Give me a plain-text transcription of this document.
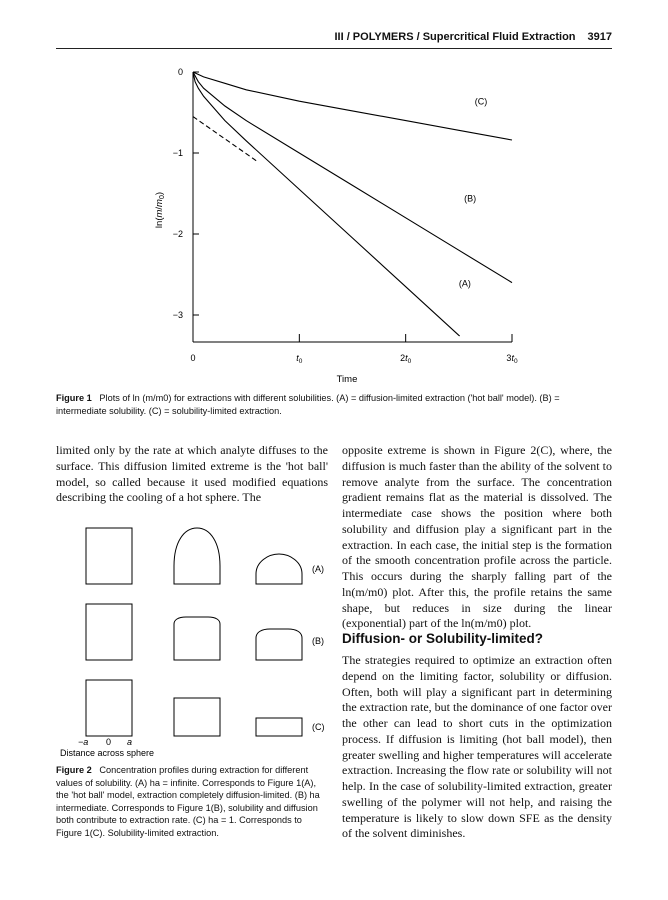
III / POLYMERS / Supercritical Fluid Extraction 3917
0
−1
−2
−3
0	$t_0$	$2t_0$	$3t_0$
(A)
(B)
(C)
Time
$\ln(m/m_0)$
Figure 1 Plots of ln (m/m0) for extractions with different solubilities. (A) = diffusion-limited extraction ('hot ball' model). (B) = intermediate solubility. (C) = solubility-limited extraction.

limited only by the rate at which analyte diffuses to the surface. This diffusion limited extreme is the 'hot ball' model, so called because it used modified equations describing the cooling of a hot sphere. The

(A)
(B)
(C)
−a 0 a
Distance across sphere
Figure 2 Concentration profiles during extraction for different values of solubility. (A) ha = infinite. Corresponds to Figure 1(A), the 'hot ball' model, extraction completely diffusion-limited. (B) ha intermediate. Corresponds to Figure 1(B), solubility and diffusion both contribute to extraction rate. (C) ha = 1. Corresponds to Figure 1(C). Solubility-limited extraction.

opposite extreme is shown in Figure 2(C), where, the diffusion is much faster than the ability of the solvent to remove analyte from the surface. The concentration gradient remains flat as the material is dissolved. The intermediate case shows the position where both solubility and diffusion play a significant part in the extraction. In each case, the initial step is the formation of the smooth concentration profile across the particle. This occurs during the sharply falling part of the ln(m/m0) plot. After this, the profile retains the same shape, but reduces in size during the linear (exponential) part of the ln(m/m0) plot.

Diffusion- or Solubility-limited?

The strategies required to optimize an extraction often depend on the limiting factor, solubility or diffusion. Often, both will play a significant part in determining the extraction rate, but the dominance of one factor over the other can lead to short cuts in the optimization process. If diffusion is limiting (hot ball model), then greater swelling and higher temperatures will accelerate extraction. Increasing the flow rate or solubility will not help. In the case of solubility-limited extraction, greater swelling of the polymer will not help, and raising the temperature is likely to slow down SFE as the density of the solvent diminishes.
